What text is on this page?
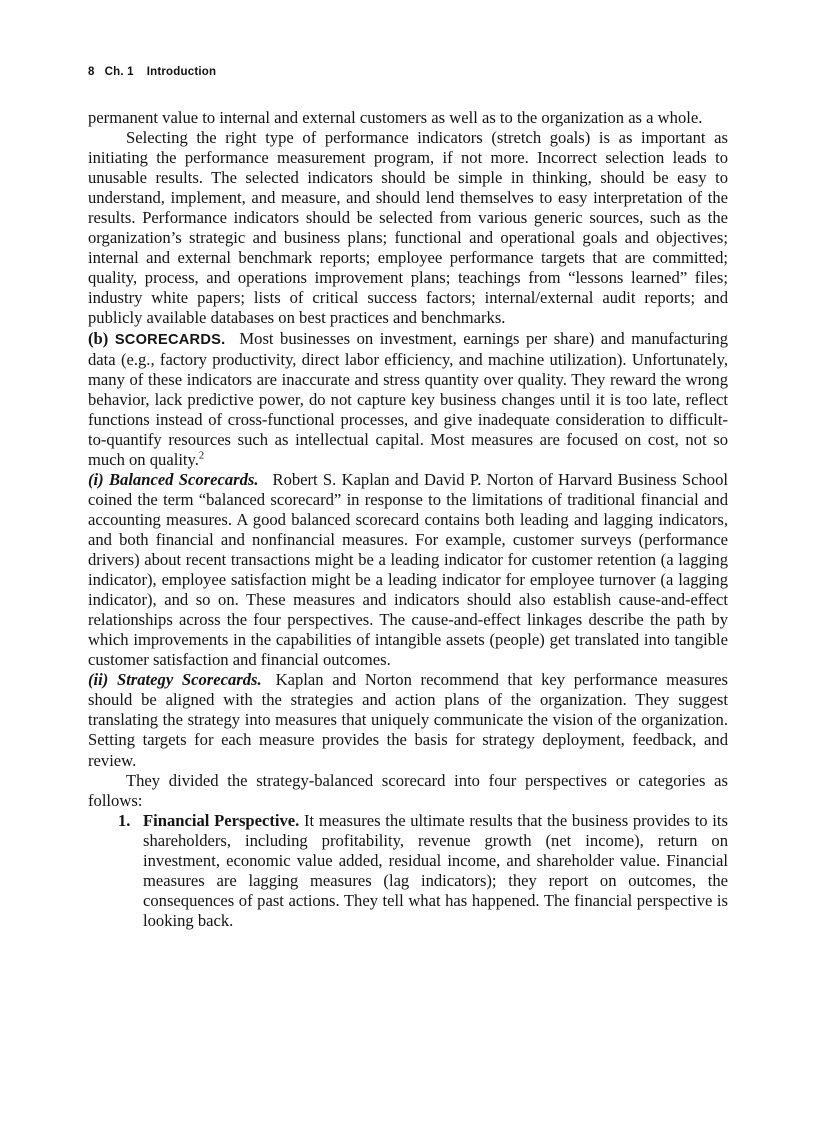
8 Ch. 1 Introduction

permanent value to internal and external customers as well as to the organization as a whole.

Selecting the right type of performance indicators (stretch goals) is as important as initiating the performance measurement program, if not more. Incorrect selection leads to unusable results. The selected indicators should be simple in thinking, should be easy to understand, implement, and measure, and should lend themselves to easy interpretation of the results. Performance indicators should be selected from various generic sources, such as the organization’s strategic and business plans; functional and operational goals and objectives; internal and external benchmark reports; employee performance targets that are committed; quality, process, and operations improvement plans; teachings from “lessons learned” files; industry white papers; lists of critical success factors; internal/external audit reports; and publicly available databases on best practices and benchmarks.

(b) SCORECARDS. Most businesses on investment, earnings per share) and manufacturing data (e.g., factory productivity, direct labor efficiency, and machine utilization). Unfortunately, many of these indicators are inaccurate and stress quantity over quality. They reward the wrong behavior, lack predictive power, do not capture key business changes until it is too late, reflect functions instead of cross-functional processes, and give inadequate consideration to difficult-to-quantify resources such as intellectual capital. Most measures are focused on cost, not so much on quality.$^2$

(i) Balanced Scorecards. Robert S. Kaplan and David P. Norton of Harvard Business School coined the term “balanced scorecard” in response to the limitations of traditional financial and accounting measures. A good balanced scorecard contains both leading and lagging indicators, and both financial and nonfinancial measures. For example, customer surveys (performance drivers) about recent transactions might be a leading indicator for customer retention (a lagging indicator), employee satisfaction might be a leading indicator for employee turnover (a lagging indicator), and so on. These measures and indicators should also establish cause-and-effect relationships across the four perspectives. The cause-and-effect linkages describe the path by which improvements in the capabilities of intangible assets (people) get translated into tangible customer satisfaction and financial outcomes.

(ii) Strategy Scorecards. Kaplan and Norton recommend that key performance measures should be aligned with the strategies and action plans of the organization. They suggest translating the strategy into measures that uniquely communicate the vision of the organization. Setting targets for each measure provides the basis for strategy deployment, feedback, and review.

They divided the strategy-balanced scorecard into four perspectives or categories as follows:

1. Financial Perspective. It measures the ultimate results that the business provides to its shareholders, including profitability, revenue growth (net income), return on investment, economic value added, residual income, and shareholder value. Financial measures are lagging measures (lag indicators); they report on outcomes, the consequences of past actions. They tell what has happened. The financial perspective is looking back.
